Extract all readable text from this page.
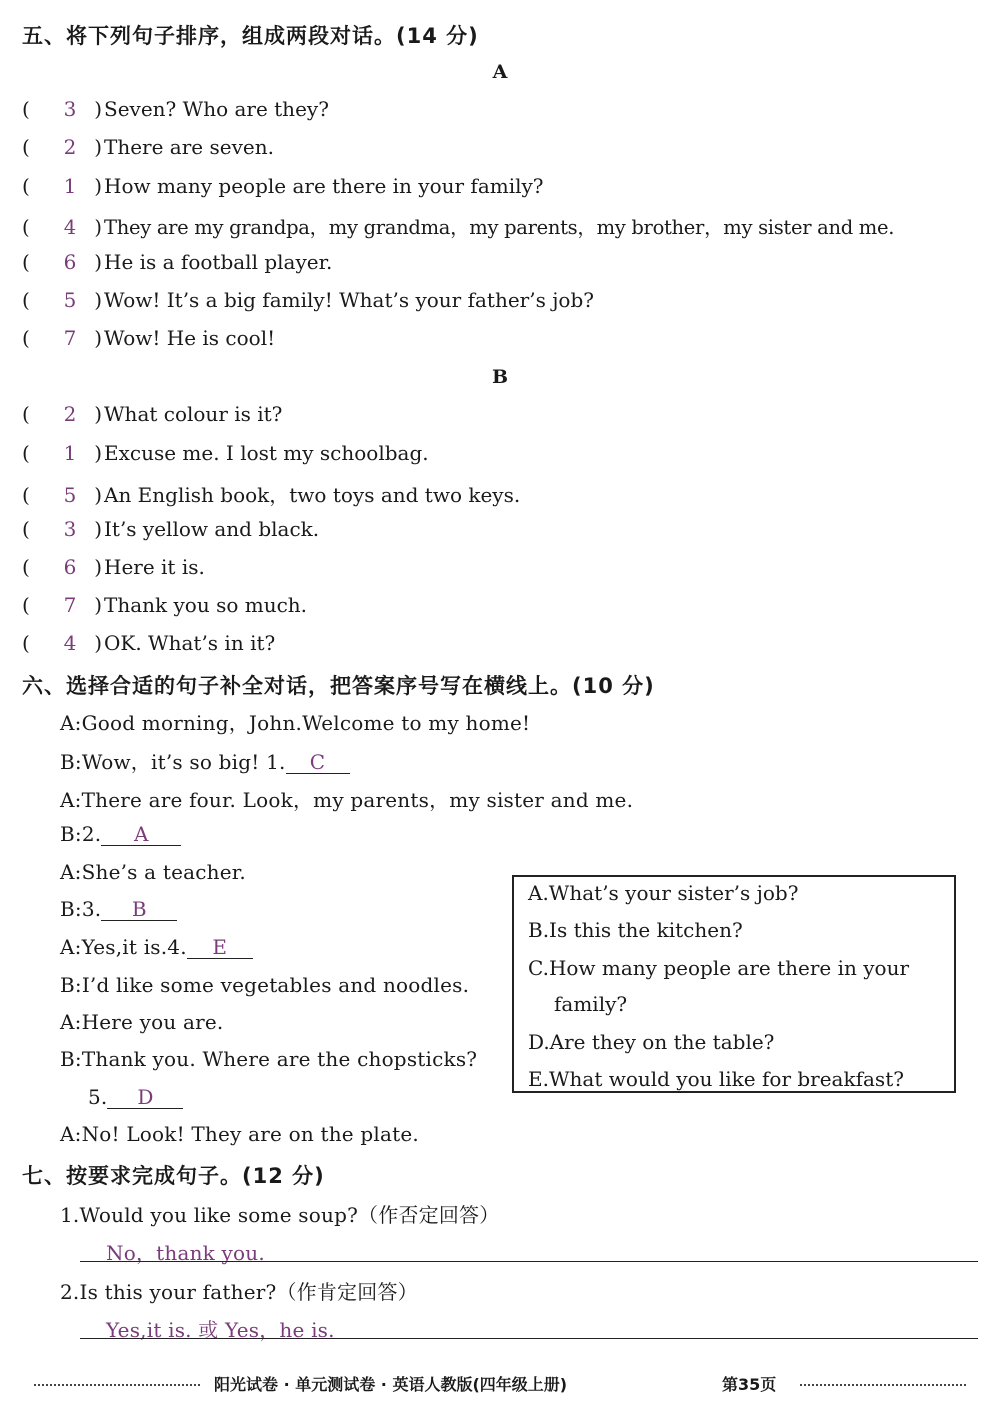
五、将下列句子排序，组成两段对话。(14 分)
A
( 3 ) Seven? Who are they?
( 2 ) There are seven.
( 1 ) How many people are there in your family?
( 4 ) They are my grandpa，my grandma，my parents，my brother，my sister and me.
( 6 ) He is a football player.
( 5 ) Wow! It’s a big family! What’s your father’s job?
( 7 ) Wow! He is cool!
B
( 2 ) What colour is it?
( 1 ) Excuse me. I lost my schoolbag.
( 5 ) An English book，two toys and two keys.
( 3 ) It’s yellow and black.
( 6 ) Here it is.
( 7 ) Thank you so much.
( 4 ) OK. What’s in it?
六、选择合适的句子补全对话，把答案序号写在横线上。(10 分)
A:Good morning，John.Welcome to my home!
B:Wow，it’s so big! 1. C
A:There are four. Look，my parents，my sister and me.
B:2. A
A:She’s a teacher.
B:3. B
A:Yes,it is.4. E
B:I’d like some vegetables and noodles.
A:Here you are.
B:Thank you. Where are the chopsticks?
5. D
A:No! Look! They are on the plate.
A.What’s your sister’s job?
B.Is this the kitchen?
C.How many people are there in your
family?
D.Are they on the table?
E.What would you like for breakfast?
七、按要求完成句子。(12 分)
1.Would you like some soup?（作否定回答）
No，thank you.
2.Is this your father?（作肯定回答）
Yes,it is. 或 Yes，he is.
阳光试卷 · 单元测试卷 · 英语人教版(四年级上册)	第35页
